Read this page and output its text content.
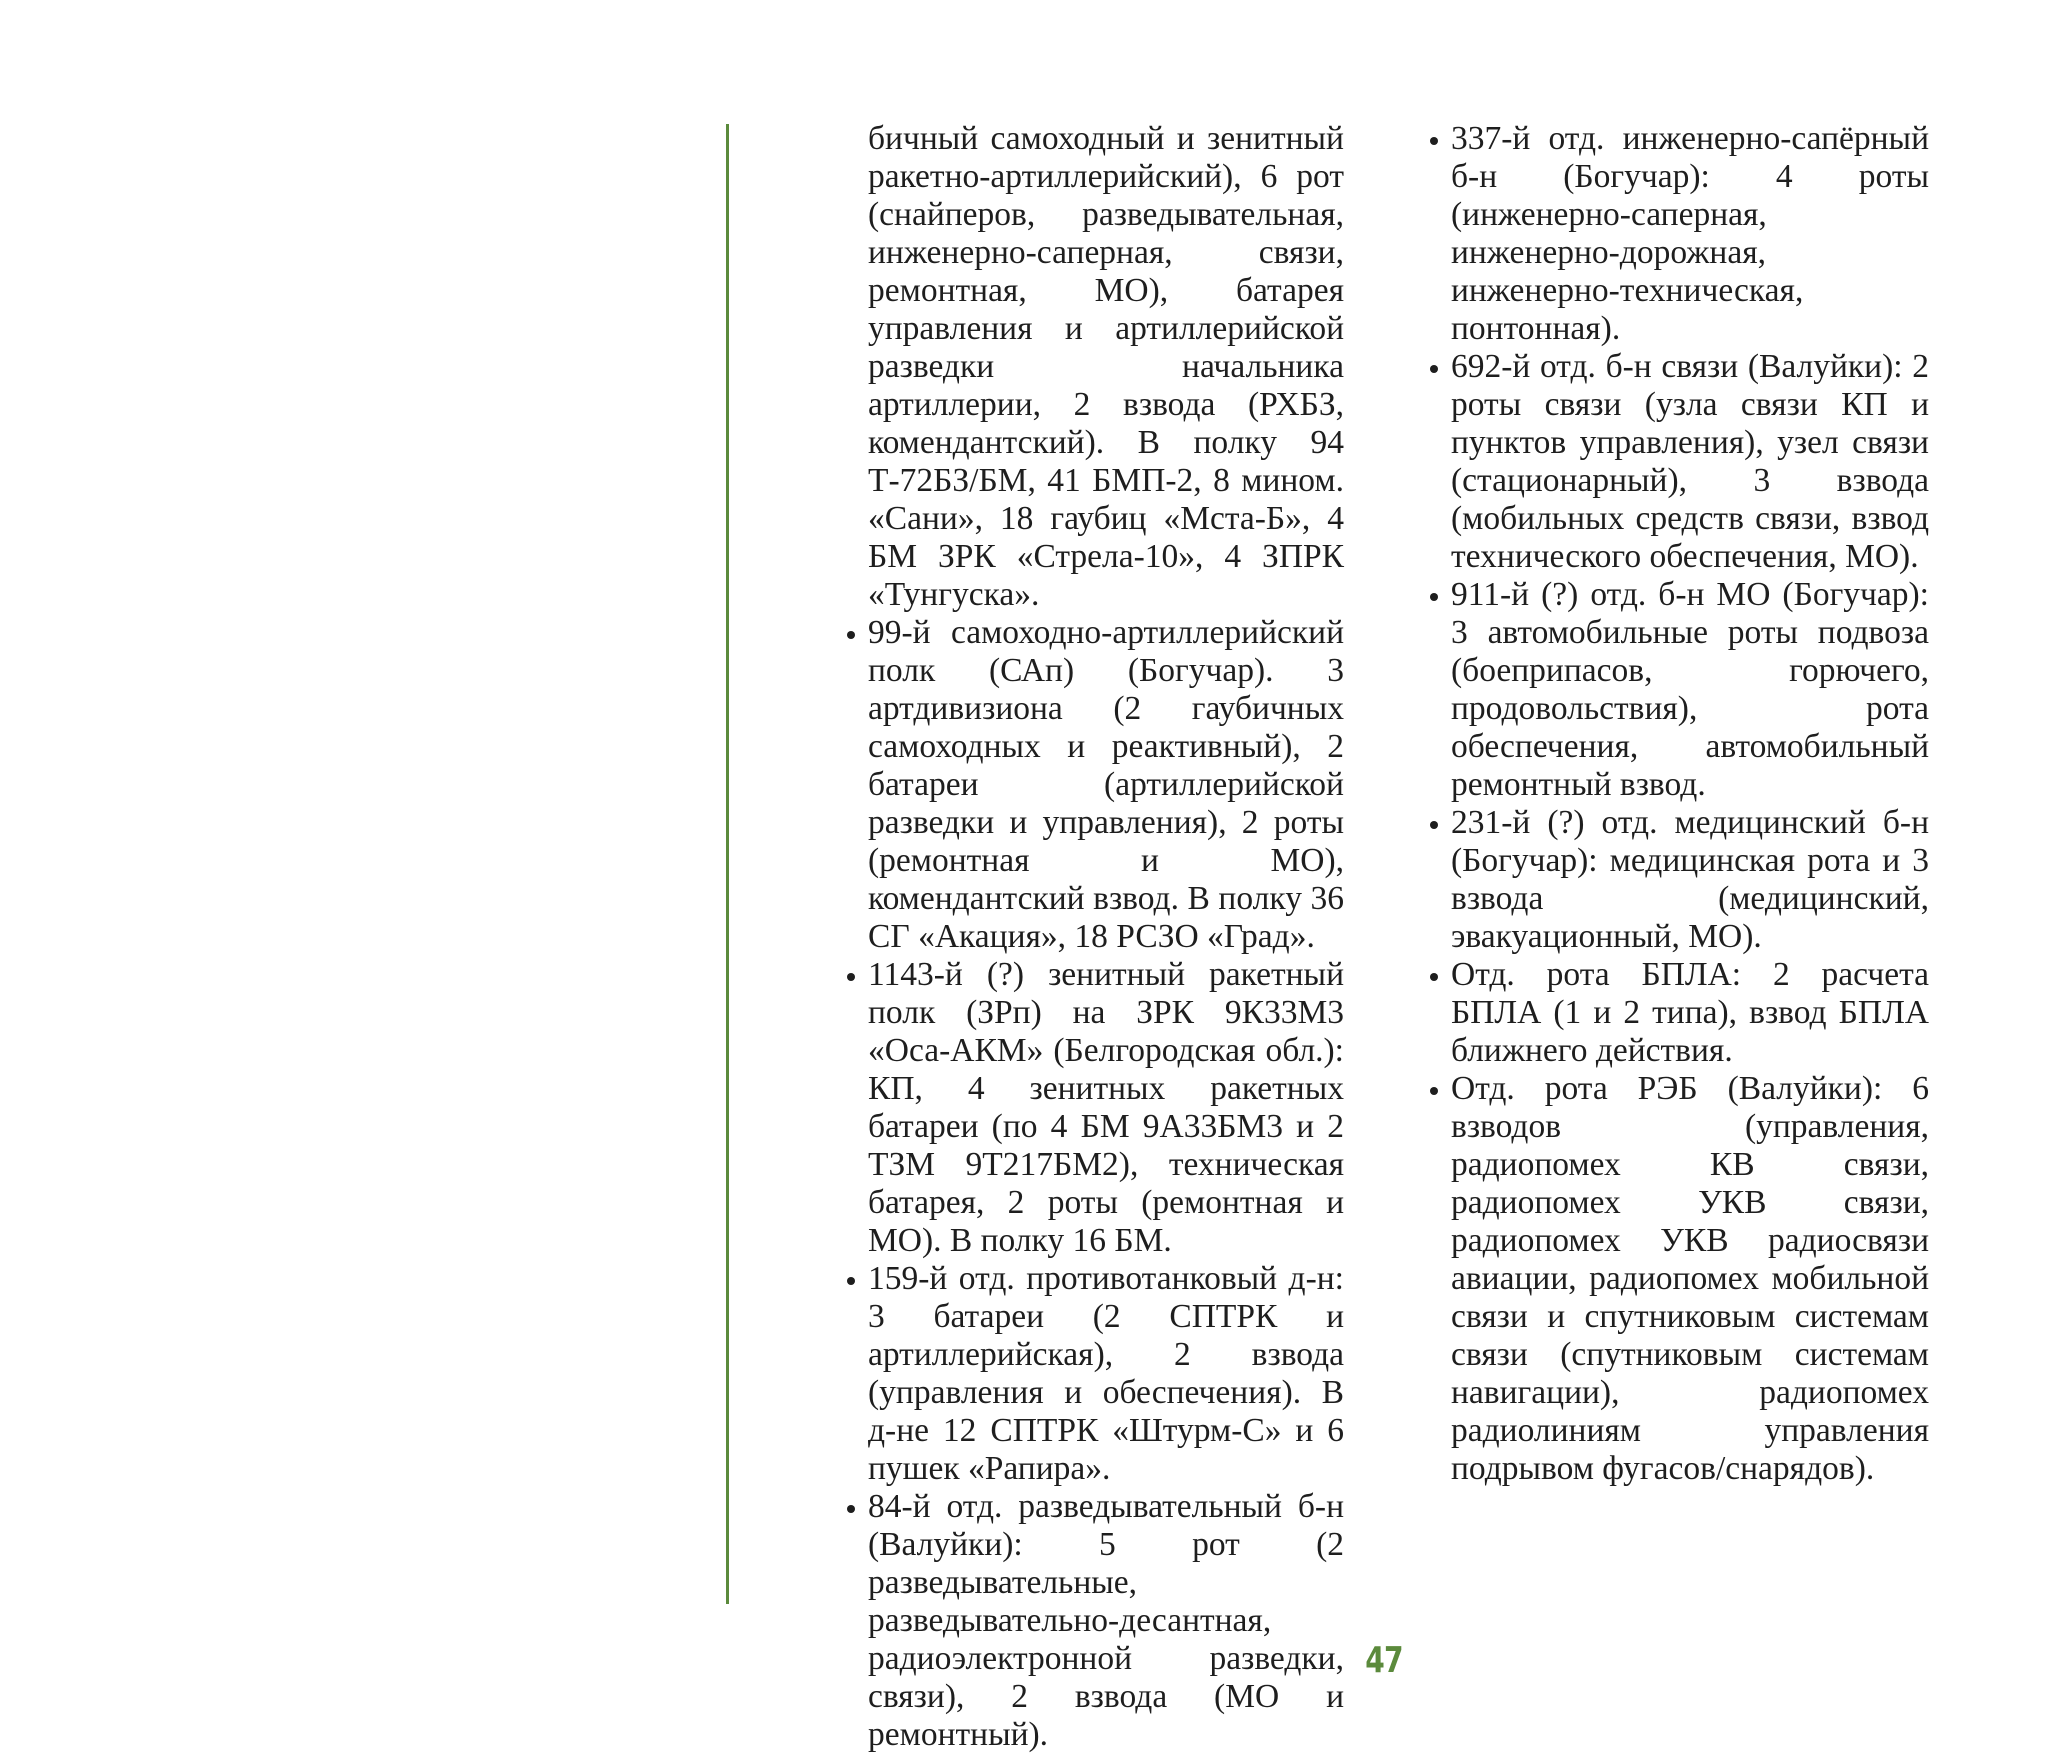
бичный самоходный и зенитный ракетно-артиллерийский), 6 рот (снайперов, разведывательная, инженерно-саперная, связи, ремонтная, МО), батарея управления и артиллерийской разведки начальника артиллерии, 2 взвода (РХБЗ, комендантский). В полку 94 Т-72БЗ/БМ, 41 БМП-2, 8 мином. «Сани», 18 гаубиц «Мста-Б», 4 БМ ЗРК «Стрела-10», 4 ЗПРК «Тунгуска».

99-й самоходно-артиллерийский полк (САп) (Богучар). 3 артдивизиона (2 гаубичных самоходных и реактивный), 2 батареи (артиллерийской разведки и управления), 2 роты (ремонтная и МО), комендантский взвод. В полку 36 СГ «Акация», 18 РСЗО «Град».
1143-й (?) зенитный ракетный полк (ЗРп) на ЗРК 9К33М3 «Оса-АКМ» (Белгородская обл.): КП, 4 зенитных ракетных батареи (по 4 БМ 9А33БМ3 и 2 ТЗМ 9Т217БМ2), техническая батарея, 2 роты (ремонтная и МО). В полку 16 БМ.
159-й отд. противотанковый д-н: 3 батареи (2 СПТРК и артиллерийская), 2 взвода (управления и обеспечения). В д-не 12 СПТРК «Штурм-С» и 6 пушек «Рапира».
84-й отд. разведывательный б-н (Валуйки): 5 рот (2 разведывательные, разведывательно-десантная, радиоэлектронной разведки, связи), 2 взвода (МО и ремонтный).
337-й отд. инженерно-сапёрный б-н (Богучар): 4 роты (инженерно-саперная, инженерно-дорожная, инженерно-техническая, понтонная).
692-й отд. б-н связи (Валуйки): 2 роты связи (узла связи КП и пунктов управления), узел связи (стационарный), 3 взвода (мобильных средств связи, взвод технического обеспечения, МО).
911-й (?) отд. б-н МО (Богучар): 3 автомобильные роты подвоза (боеприпасов, горючего, продовольствия), рота обеспечения, автомобильный ремонтный взвод.
231-й (?) отд. медицинский б-н (Богучар): медицинская рота и 3 взвода (медицинский, эвакуационный, МО).
Отд. рота БПЛА: 2 расчета БПЛА (1 и 2 типа), взвод БПЛА ближнего действия.
Отд. рота РЭБ (Валуйки): 6 взводов (управления, радиопомех КВ связи, радиопомех УКВ связи, радиопомех УКВ радиосвязи авиации, радиопомех мобильной связи и спутниковым системам связи (спутниковым системам навигации), радиопомех радиолиниям управления подрывом фугасов/снарядов).
47
